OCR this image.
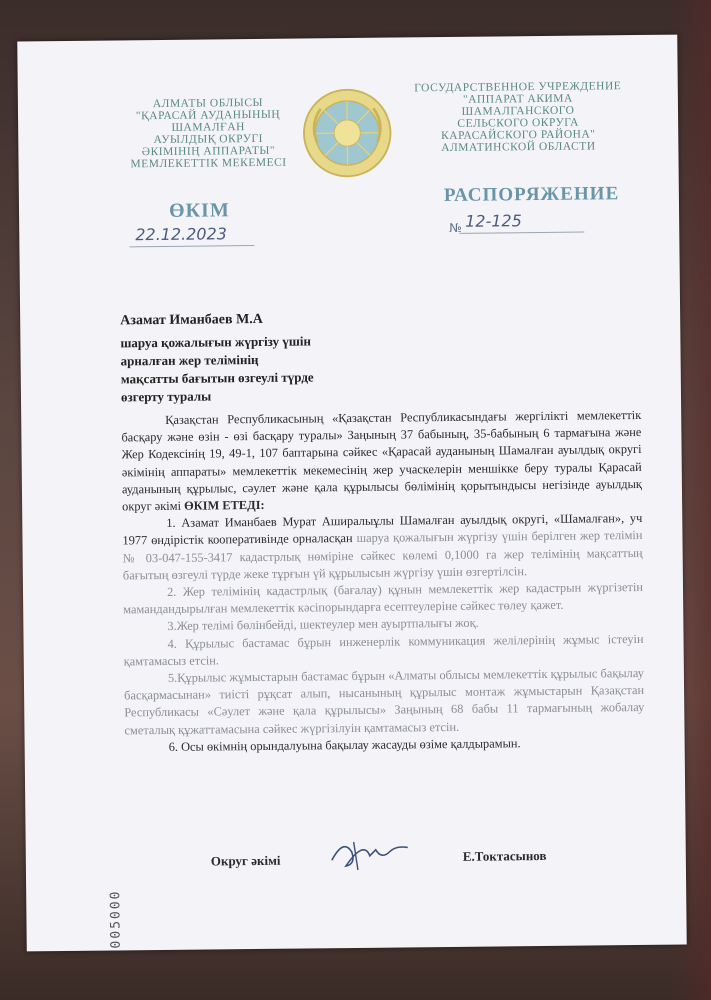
АЛМАТЫ ОБЛЫСЫ
"ҚАРАСАЙ АУДАНЫНЫҢ
ШАМАЛҒАН
АУЫЛДЫҚ ОКРУГІ
ӘКІМІНІҢ АППАРАТЫ"
МЕМЛЕКЕТТІК МЕКЕМЕСІ
ГОСУДАРСТВЕННОЕ УЧРЕЖДЕНИЕ
"АППАРАТ АКИМА
ШАМАЛГАНСКОГО
СЕЛЬСКОГО ОКРУГА
КАРАСАЙСКОГО РАЙОНА"
АЛМАТИНСКОЙ ОБЛАСТИ
ӨКІМ
РАСПОРЯЖЕНИЕ
22.12.2023	№ 12-125
Азамат Иманбаев М.А
шаруа қожалығын жүргізу үшін
арналған жер телімінің
мақсатты бағытын өзгеулі түрде
өзгерту туралы

Қазақстан Республикасының «Қазақстан Республикасындағы жергілікті мемлекеттік басқару және өзін - өзі басқару туралы» Заңының 37 бабының, 35-бабының 6 тармағына және Жер Кодексінің 19, 49-1, 107 баптарына сәйкес «Қарасай ауданының Шамалған ауылдық округі әкімінің аппараты» мемлекеттік мекемесінің жер учаскелерін меншікке беру туралы Қарасай ауданының құрылыс, сәулет және қала құрылысы бөлімінің қорытындысы негізінде ауылдық округ әкімі ӨКІМ ЕТЕДІ:

1. Азамат Иманбаев Мурат Аширалыұлы Шамалған ауылдық округі, «Шамалған», уч 1977 өндірістік кооперативінде орналасқан шаруа қожалығын жүргізу үшін берілген жер телімін № 03-047-155-3417 кадастрлық нөміріне сәйкес көлемі 0,1000 га жер телімінің мақсаттың бағытың өзгеулі түрде жеке тұрғын үй құрылысын жүргізу үшін өзгертілсін.

2. Жер телімінің кадастрлық (бағалау) құнын мемлекеттік жер кадастрын жүргізетін мамандандырылған мемлекеттік кәсіпорындарға есептеулеріне сәйкес төлеу қажет.

3.Жер телімі бөлінбейді, шектеулер мен ауыртпалығы жоқ.

4. Құрылыс бастамас бұрын инженерлік коммуникация желілерінің жұмыс істеуін қамтамасыз етсін.

5.Құрылыс жұмыстарын бастамас бұрын «Алматы облысы мемлекеттік құрылыс бақылау басқармасынан» тиісті рұқсат алып, нысанының құрылыс монтаж жұмыстарын Қазақстан Республикасы «Сәулет және қала құрылысы» Заңының 68 бабы 11 тармағының жобалау сметалық құжаттамасына сәйкес жүргізілуін қамтамасыз етсін.

6. Осы өкімнің орындалуына бақылау жасауды өзіме қалдырамын.

Округ әкімі	Е.Токтасынов
005000
